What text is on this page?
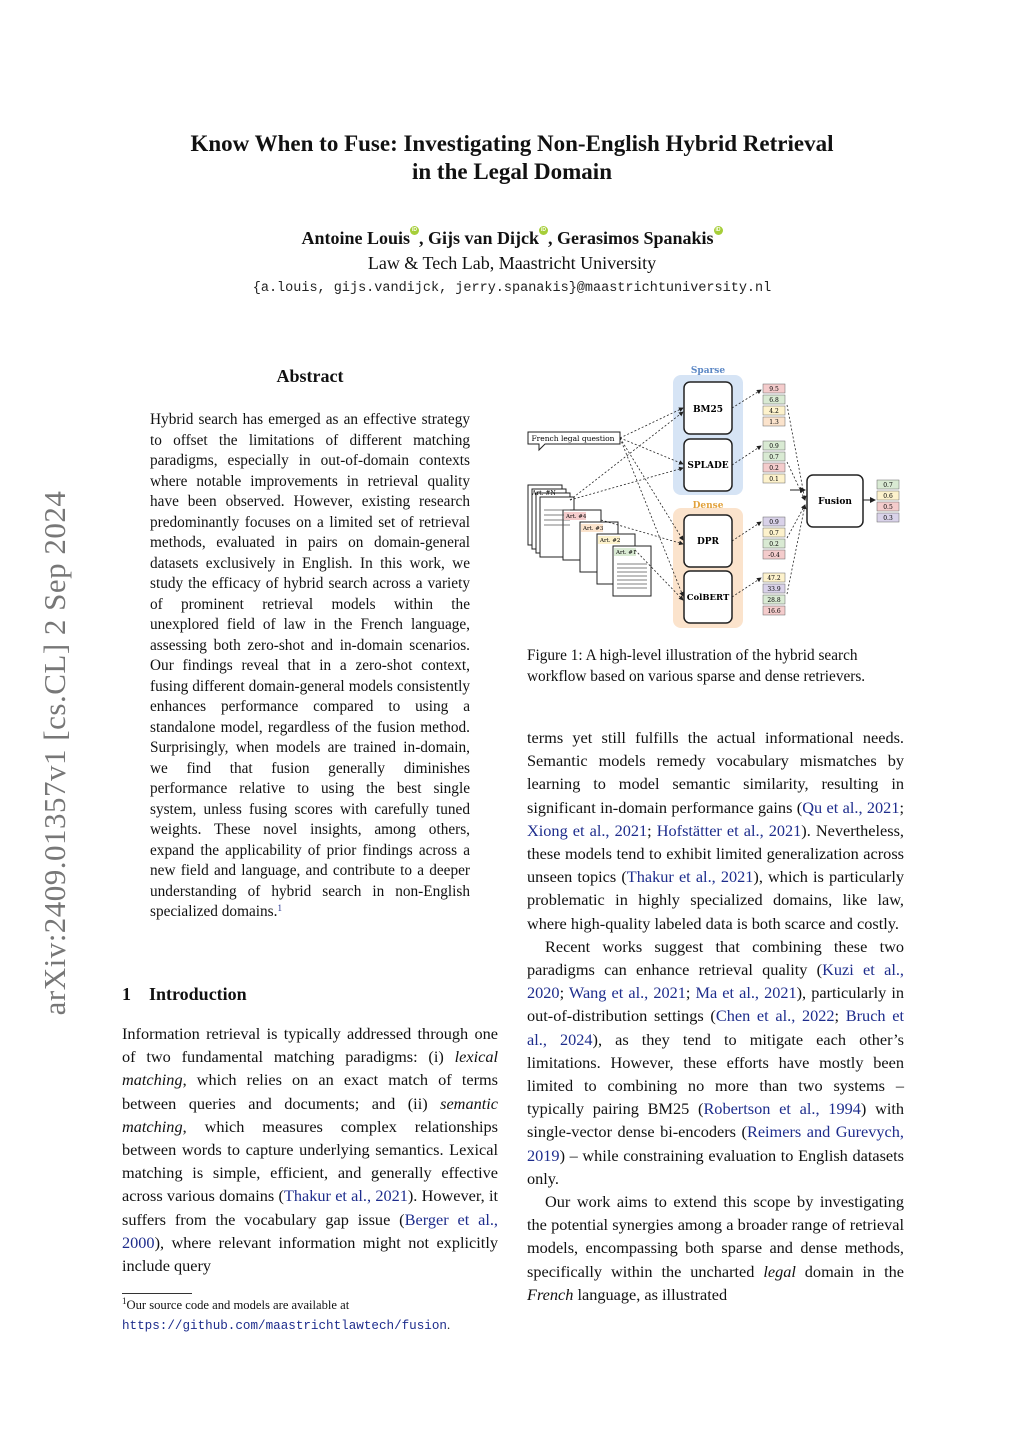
Know When to Fuse: Investigating Non-English Hybrid Retrieval
in the Legal Domain
Antoine Louis iD , Gijs van Dijck iD , Gerasimos Spanakis iD
Law & Tech Lab, Maastricht University
{a.louis, gijs.vandijck, jerry.spanakis}@maastrichtuniversity.nl
arXiv:2409.01357v1 [cs.CL] 2 Sep 2024
Abstract
Hybrid search has emerged as an effective strategy to offset the limitations of different matching paradigms, especially in out-of-domain contexts where notable improvements in retrieval quality have been observed. However, existing research predominantly focuses on a limited set of retrieval methods, evaluated in pairs on domain-general datasets exclusively in English. In this work, we study the efficacy of hybrid search across a variety of prominent retrieval models within the unexplored field of law in the French language, assessing both zero-shot and in-domain scenarios. Our findings reveal that in a zero-shot context, fusing different domain-general models consistently enhances performance compared to using a standalone model, regardless of the fusion method. Surprisingly, when models are trained in-domain, we find that fusion generally diminishes performance relative to using the best single system, unless fusing scores with carefully tuned weights. These novel insights, among others, expand the applicability of prior findings across a new field and language, and contribute to a deeper understanding of hybrid search in non-English specialized domains.$^1$
1 Introduction
Information retrieval is typically addressed through one of two fundamental matching paradigms: (i) lexical matching, which relies on an exact match of terms between queries and documents; and (ii) semantic matching, which measures complex relationships between words to capture underlying semantics. Lexical matching is simple, efficient, and generally effective across various domains (Thakur et al., 2021). However, it suffers from the vocabulary gap issue (Berger et al., 2000), where relevant information might not explicitly include query
$^1$Our source code and models are available at https://github.com/maastrichtlawtech/fusion.
Sparse
Dense
BM25
SPLADE
DPR
ColBERT
French legal question
Art. #N
Art. #4
Art. #3
Art. #2
Art. #1
9.5
6.8
4.2
1.3
0.9
0.7
0.2
0.1
0.9
0.7
0.2
-0.4
47.2
33.9
28.8
16.6
Fusion
0.7
0.6
0.5
0.3
Figure 1: A high-level illustration of the hybrid search workflow based on various sparse and dense retrievers.
terms yet still fulfills the actual informational needs. Semantic models remedy vocabulary mismatches by learning to model semantic similarity, resulting in significant in-domain performance gains (Qu et al., 2021; Xiong et al., 2021; Hofstätter et al., 2021). Nevertheless, these models tend to exhibit limited generalization across unseen topics (Thakur et al., 2021), which is particularly problematic in highly specialized domains, like law, where high-quality labeled data is both scarce and costly.
Recent works suggest that combining these two paradigms can enhance retrieval quality (Kuzi et al., 2020; Wang et al., 2021; Ma et al., 2021), particularly in out-of-distribution settings (Chen et al., 2022; Bruch et al., 2024), as they tend to mitigate each other’s limitations. However, these efforts have mostly been limited to combining no more than two systems – typically pairing BM25 (Robertson et al., 1994) with single-vector dense bi-encoders (Reimers and Gurevych, 2019) – while constraining evaluation to English datasets only.
Our work aims to extend this scope by investigating the potential synergies among a broader range of retrieval models, encompassing both sparse and dense methods, specifically within the uncharted legal domain in the French language, as illustrated
